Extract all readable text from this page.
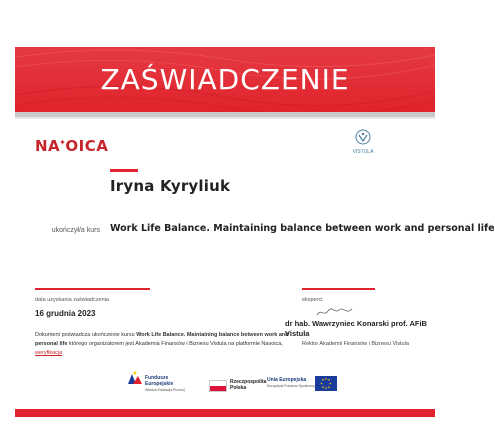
ZAŚWIADCZENIE
NA✦OICA	VISTULA
Iryna Kyryliuk
ukończył/a kurs Work Life Balance. Maintaining balance between work and personal life
data uzyskania zaświadczenia
16 grudnia 2023
Dokument poświadcza ukończenie kursu Work Life Balance. Maintaining balance between work and personal life którego organizatorem jest Akademia Finansów i Biznesu Vistula na platformie Navoica,
weryfikacja
eksperci
dr hab. Wawrzyniec Konarski prof. AFiB Vistula
Rektor Akademii Finansów i Biznesu Vistula
Fundusze
Europejskie
Wiedza Edukacja Rozwój
Rzeczpospolita
Polska
Unia Europejska
Europejski Fundusz Społeczny
